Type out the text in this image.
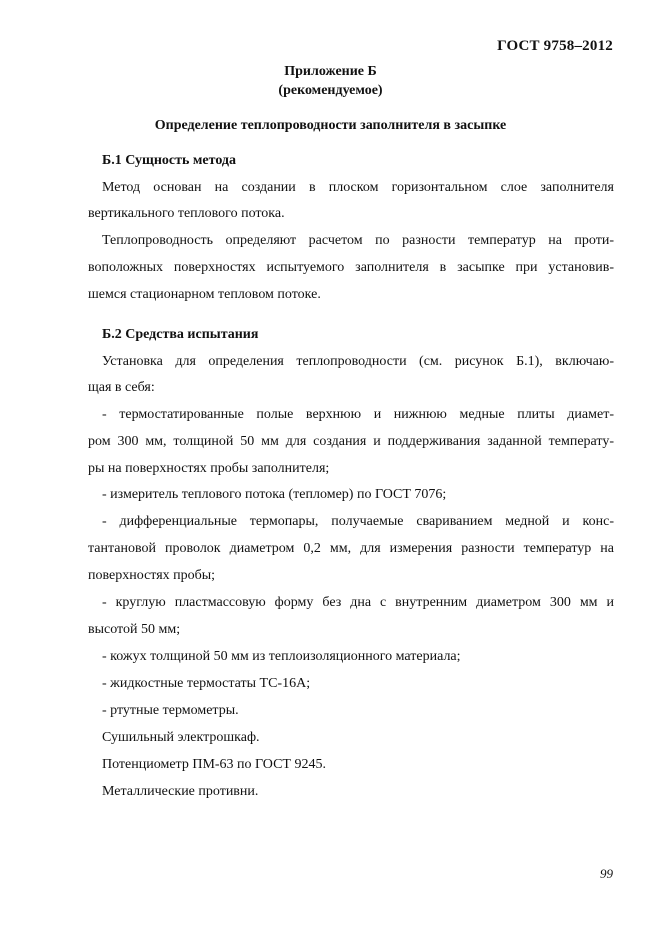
ГОСТ 9758–2012
Приложение Б
(рекомендуемое)
Определение теплопроводности заполнителя в засыпке
Б.1 Сущность метода
Метод основан на создании в плоском горизонтальном слое заполнителя
вертикального теплового потока.
Теплопроводность определяют расчетом по разности температур на проти-
воположных поверхностях испытуемого заполнителя в засыпке при установив-
шемся стационарном тепловом потоке.
Б.2 Средства испытания
Установка для определения теплопроводности (см. рисунок Б.1), включаю-
щая в себя:
- термостатированные полые верхнюю и нижнюю медные плиты диамет-
ром 300 мм, толщиной 50 мм для создания и поддерживания заданной температу-
ры на поверхностях пробы заполнителя;
- измеритель теплового потока (тепломер) по ГОСТ 7076;
- дифференциальные термопары, получаемые свариванием медной и конс-
тантановой проволок диаметром 0,2 мм, для измерения разности температур на
поверхностях пробы;
- круглую пластмассовую форму без дна с внутренним диаметром 300 мм и
высотой 50 мм;
- кожух толщиной 50 мм из теплоизоляционного материала;
- жидкостные термостаты ТС-16А;
- ртутные термометры.
Сушильный электрошкаф.
Потенциометр ПМ-63 по ГОСТ 9245.
Металлические противни.
99
